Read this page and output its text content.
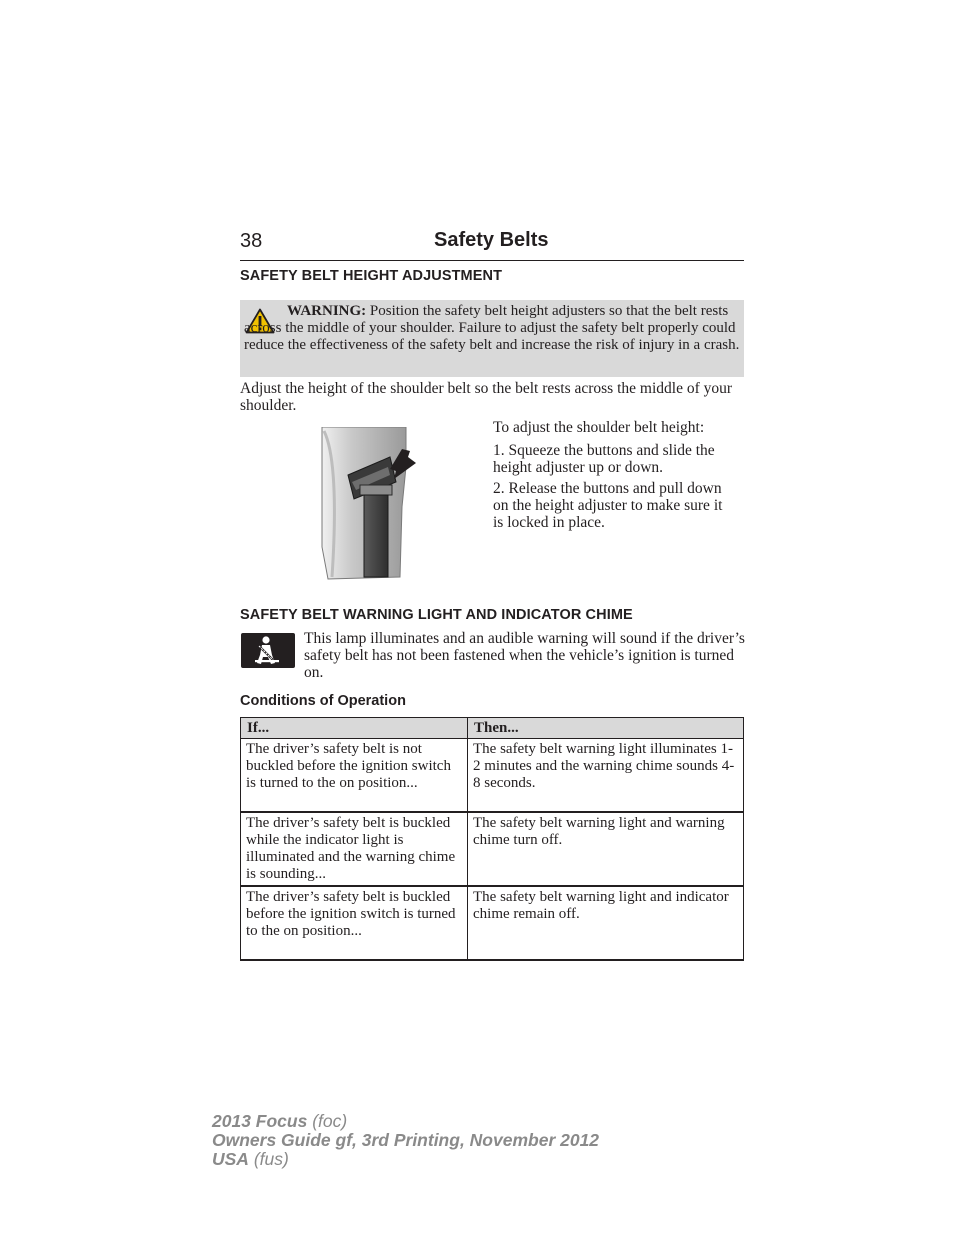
38	Safety Belts
SAFETY BELT HEIGHT ADJUSTMENT
WARNING: Position the safety belt height adjusters so that the belt rests across the middle of your shoulder. Failure to adjust the safety belt properly could reduce the effectiveness of the safety belt and increase the risk of injury in a crash.
Adjust the height of the shoulder belt so the belt rests across the middle of your shoulder.
To adjust the shoulder belt height:
1. Squeeze the buttons and slide the height adjuster up or down.
2. Release the buttons and pull down on the height adjuster to make sure it is locked in place.
SAFETY BELT WARNING LIGHT AND INDICATOR CHIME
This lamp illuminates and an audible warning will sound if the driver’s safety belt has not been fastened when the vehicle’s ignition is turned on.
Conditions of Operation
If...	Then...
The driver’s safety belt is not buckled before the ignition switch is turned to the on position...	The safety belt warning light illuminates 1-2 minutes and the warning chime sounds 4-8 seconds.
The driver’s safety belt is buckled while the indicator light is illuminated and the warning chime is sounding...	The safety belt warning light and warning chime turn off.
The driver’s safety belt is buckled before the ignition switch is turned to the on position...	The safety belt warning light and indicator chime remain off.
2013 Focus (foc)
Owners Guide gf, 3rd Printing, November 2012
USA (fus)
